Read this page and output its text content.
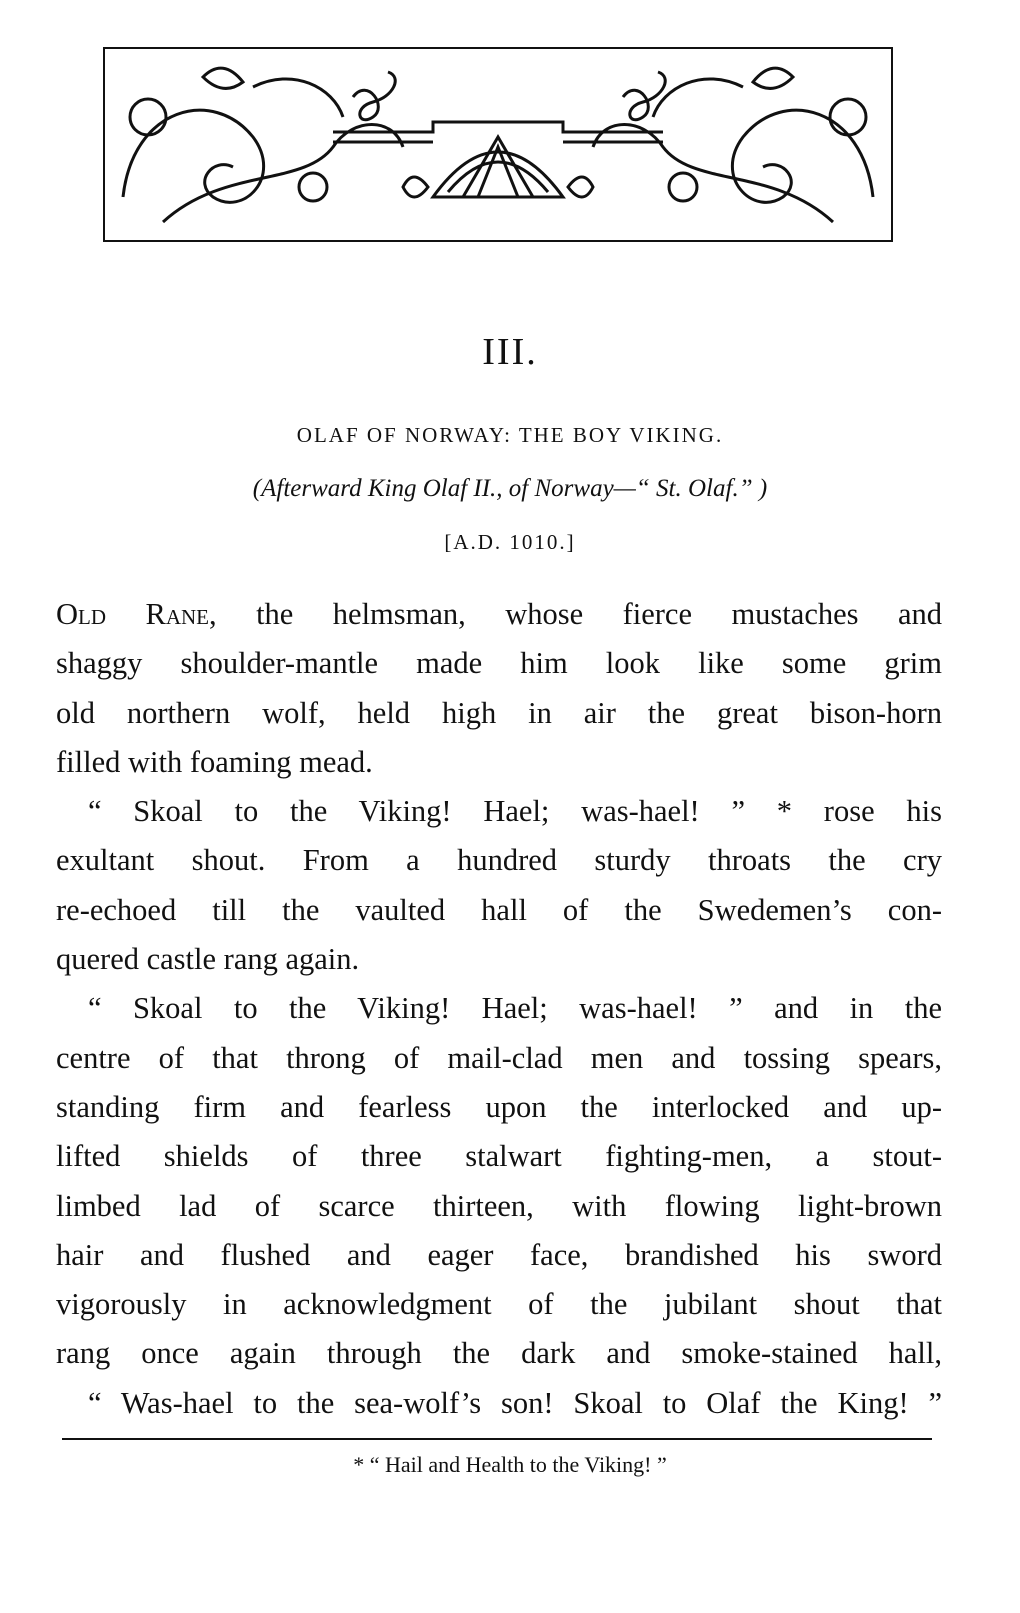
III.
OLAF OF NORWAY: THE BOY VIKING.
(Afterward King Olaf II., of Norway—“ St. Olaf.” )
[A.D. 1010.]
Old Rane, the helmsman, whose fierce mustaches and
shaggy shoulder-mantle made him look like some grim
old northern wolf, held high in air the great bison-horn
filled with foaming mead.
“ Skoal to the Viking! Hael; was-hael! ” * rose his
exultant shout. From a hundred sturdy throats the cry
re-echoed till the vaulted hall of the Swedemen’s con-
quered castle rang again.
“ Skoal to the Viking! Hael; was-hael! ” and in the
centre of that throng of mail-clad men and tossing spears,
standing firm and fearless upon the interlocked and up-
lifted shields of three stalwart fighting-men, a stout-
limbed lad of scarce thirteen, with flowing light-brown
hair and flushed and eager face, brandished his sword
vigorously in acknowledgment of the jubilant shout that
rang once again through the dark and smoke-stained hall,
“ Was-hael to the sea-wolf’s son! Skoal to Olaf the King! ”
* “ Hail and Health to the Viking! ”
